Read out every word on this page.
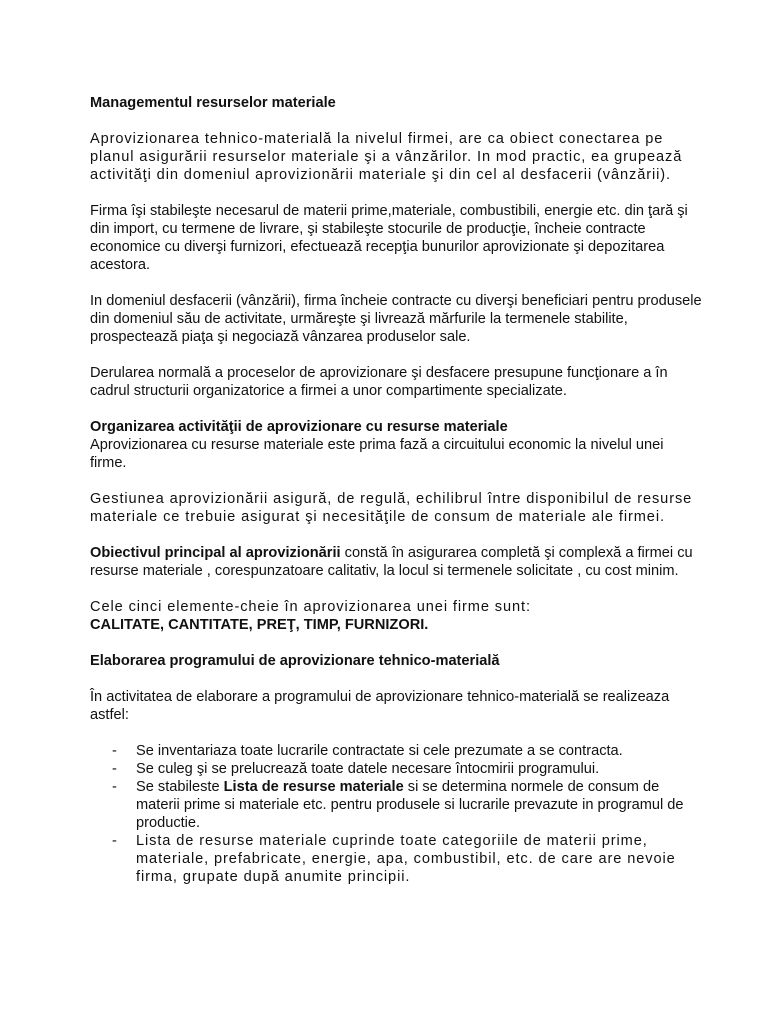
Managementul resurselor materiale

Aprovizionarea tehnico-materială la nivelul firmei, are ca obiect conectarea pe planul asigurării resurselor materiale şi a vânzărilor. In mod practic, ea grupează activităţi din domeniul aprovizionării materiale şi din cel al desfacerii (vânzării).

Firma îşi stabileşte necesarul de materii prime,materiale, combustibili, energie etc. din ţară şi din import, cu termene de livrare, şi stabileşte stocurile de producţie, încheie contracte economice cu diverşi furnizori, efectuează recepţia bunurilor aprovizionate şi depozitarea acestora.

In domeniul desfacerii (vânzării), firma încheie contracte cu diverşi beneficiari pentru produsele din domeniul său de activitate, urmăreşte şi livrează mărfurile la termenele stabilite, prospectează piaţa şi negociază vânzarea produselor sale.

Derularea normală a proceselor de aprovizionare şi desfacere presupune funcţionare a în cadrul structurii organizatorice a firmei a unor compartimente specializate.

Organizarea activităţii de aprovizionare cu resurse materiale

Aprovizionarea cu resurse materiale este prima fază a circuitului economic la nivelul unei firme.

Gestiunea aprovizionării asigură, de regulă, echilibrul între disponibilul de resurse materiale ce trebuie asigurat şi necesităţile de consum de materiale ale firmei.

Obiectivul principal al aprovizionării constă în asigurarea completă şi complexă a firmei cu resurse materiale , corespunzatoare calitativ, la locul si termenele solicitate , cu cost minim.

Cele cinci elemente-cheie în aprovizionarea unei firme sunt:

CALITATE, CANTITATE, PREŢ, TIMP, FURNIZORI.

Elaborarea programului de aprovizionare tehnico-materială

În activitatea de elaborare a programului de aprovizionare tehnico-materială se realizeaza astfel:

- Se inventariaza toate lucrarile contractate si cele prezumate a se contracta.
- Se culeg şi se prelucrează toate datele necesare întocmirii programului.
- Se stabileste Lista de resurse materiale si se determina normele de consum de materii prime si materiale etc. pentru produsele si lucrarile prevazute in programul de productie.
- Lista de resurse materiale cuprinde toate categoriile de materii prime, materiale, prefabricate, energie, apa, combustibil, etc. de care are nevoie firma, grupate după anumite principii.
